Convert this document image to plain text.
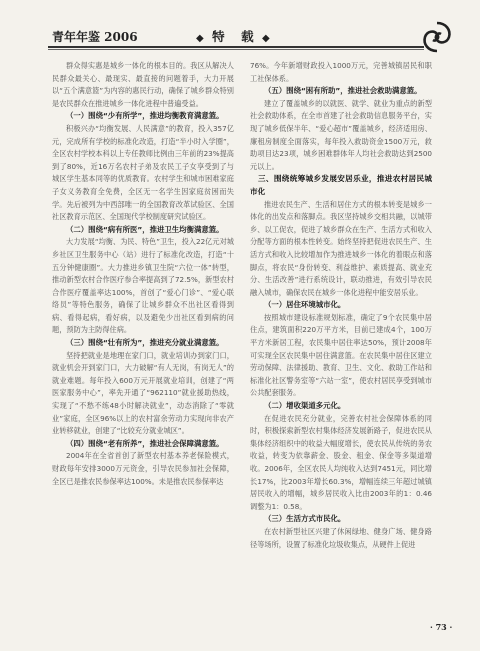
青年年鉴 2006	◆ 特　载 ◆

群众得实惠是城乡一体化的根本目的。我区从解决人民群众最关心、最现实、最直接的问题着手，大力开展以“五个满意篮”为内容的惠民行动，确保了城乡群众特别是农民群众在推进城乡一体化进程中普遍受益。

（一）围绕“少有所学”，推进均衡教育满意篮。

积极兴办“均衡发展、人民满意”的教育，投入357亿元，完成所有学校的标准化改造，打造“半小时入学圈”，全区农村学校本科以上专任教师比例由三年前的23%提高到了80%，近16万名农村子弟及农民工子女享受到了与城区学生基本同等的优质教育。农村学生和城市困难家庭子女义务教育全免费，全区无一名学生因家庭贫困而失学。先后被列为中西部唯一的全国教育改革试验区、全国社区教育示范区、全国现代学校制度研究试验区。

（二）围绕“病有所医”，推进卫生均衡满意篮。

大力发展“均衡、为民、特色”卫生，投入22亿元对城乡社区卫生服务中心（站）进行了标准化改造，打造“十五分钟健康圈”。大力推进乡镇卫生院“六位一体”转型，推动新型农村合作医疗参合率提高到了72.5%，新型农村合作医疗覆盖率达100%，首创了“爱心门诊”、“爱心联络员”等特色服务，确保了让城乡群众不出社区看得到病、看得起病，看好病，以及避免少出社区看到病的问题，预防为主防得住病。

（三）围绕“壮有所为”，推进充分就业满意篮。

坚持把就业是地理在家门口，就业培训办到家门口，就业机会开到家门口，大力破解“有人无岗，有岗无人”的就业难题。每年投入600万元开展就业培训，创建了“两医家服务中心”，率先开通了“962110”就业援助热线，实现了“不愁不练48小时解决就业”，动态消除了“零就业”家庭，全区96%以上的农村富余劳动力实现向非农产业转移就业，创建了“比较充分就业城区”。

（四）围绕“老有所养”，推进社会保障满意篮。

2004年在全省首创了新型农村基本养老保险模式，财政每年安排3000万元资金，引导农民参加社会保障，全区已是推农民参保率达100%。未是推农民参保率达

76%。今年新增财政投入1000万元，完善城镇居民和职工社保体系。

（五）围绕“困有所助”，推进社会救助满意篮。

建立了覆盖城乡的以就医、就学、就业为重点的新型社会救助体系，在全市首建了社会救助信息服务平台，实现了城乡低保半年、“爱心超市”覆盖城乡，经济适用房、廉租房制度全面落实，每年投入救助资金1500万元，救助项目达23项，城乡困难群体年人均社会救助达到2500元以上。

三、围绕统筹城乡发展安居乐业，推进农村居民城市化

推进农民生产、生活和居住方式的根本转变是城乡一体化的出发点和落脚点。我区坚持城乡交相共融，以城带乡、以工促农，促进了城乡群众在生产、生活方式和收入分配等方面的根本性转变。始终坚持把促进农民生产、生活方式和收入比较增加作为推进城乡一体化的着眼点和落脚点，将农民“身份转变、利益维护、素质提高、就业充分、生活改善”进行系统设计，联动推进，有效引导农民融入城市，确保农民在城乡一体化进程中能安居乐业。

（一）居住环境城市化。

按照城市建设标准规划标准，确定了9个农民集中居住点，建筑面积220万平方米，目前已建成4个，100万平方米新居工程，农民集中居住率达50%，预计2008年可实现全区农民集中居住满意篮。在农民集中居住区建立劳动保障、法律援助、教育、卫生、文化、救助工作站和标准化社区警务室等“六站一室”，使农村居民享受到城市公共配套服务。

（二）增收渠道多元化。

在促进农民充分就业，完善农村社会保障体系的同时，积极探索新型农村集体经济发展新路子，促进农民从集体经济组织中的收益大幅度增长，使农民从传统的务农收益，转变为依靠薪金、股金、租金、保金等多渠道增收。2006年，全区农民人均纯收入达到7451元，同比增长17%，比2003年增长60.3%，增幅连续三年超过城镇居民收入的增幅，城乡居民收入比由2003年的1：0.46调整为1：0.58。

（三）生活方式市民化。

在农村新型社区兴建了休闲绿地、健身广场、健身路径等场所，设置了标准化垃圾收集点，从硬件上促进

· 73 ·
